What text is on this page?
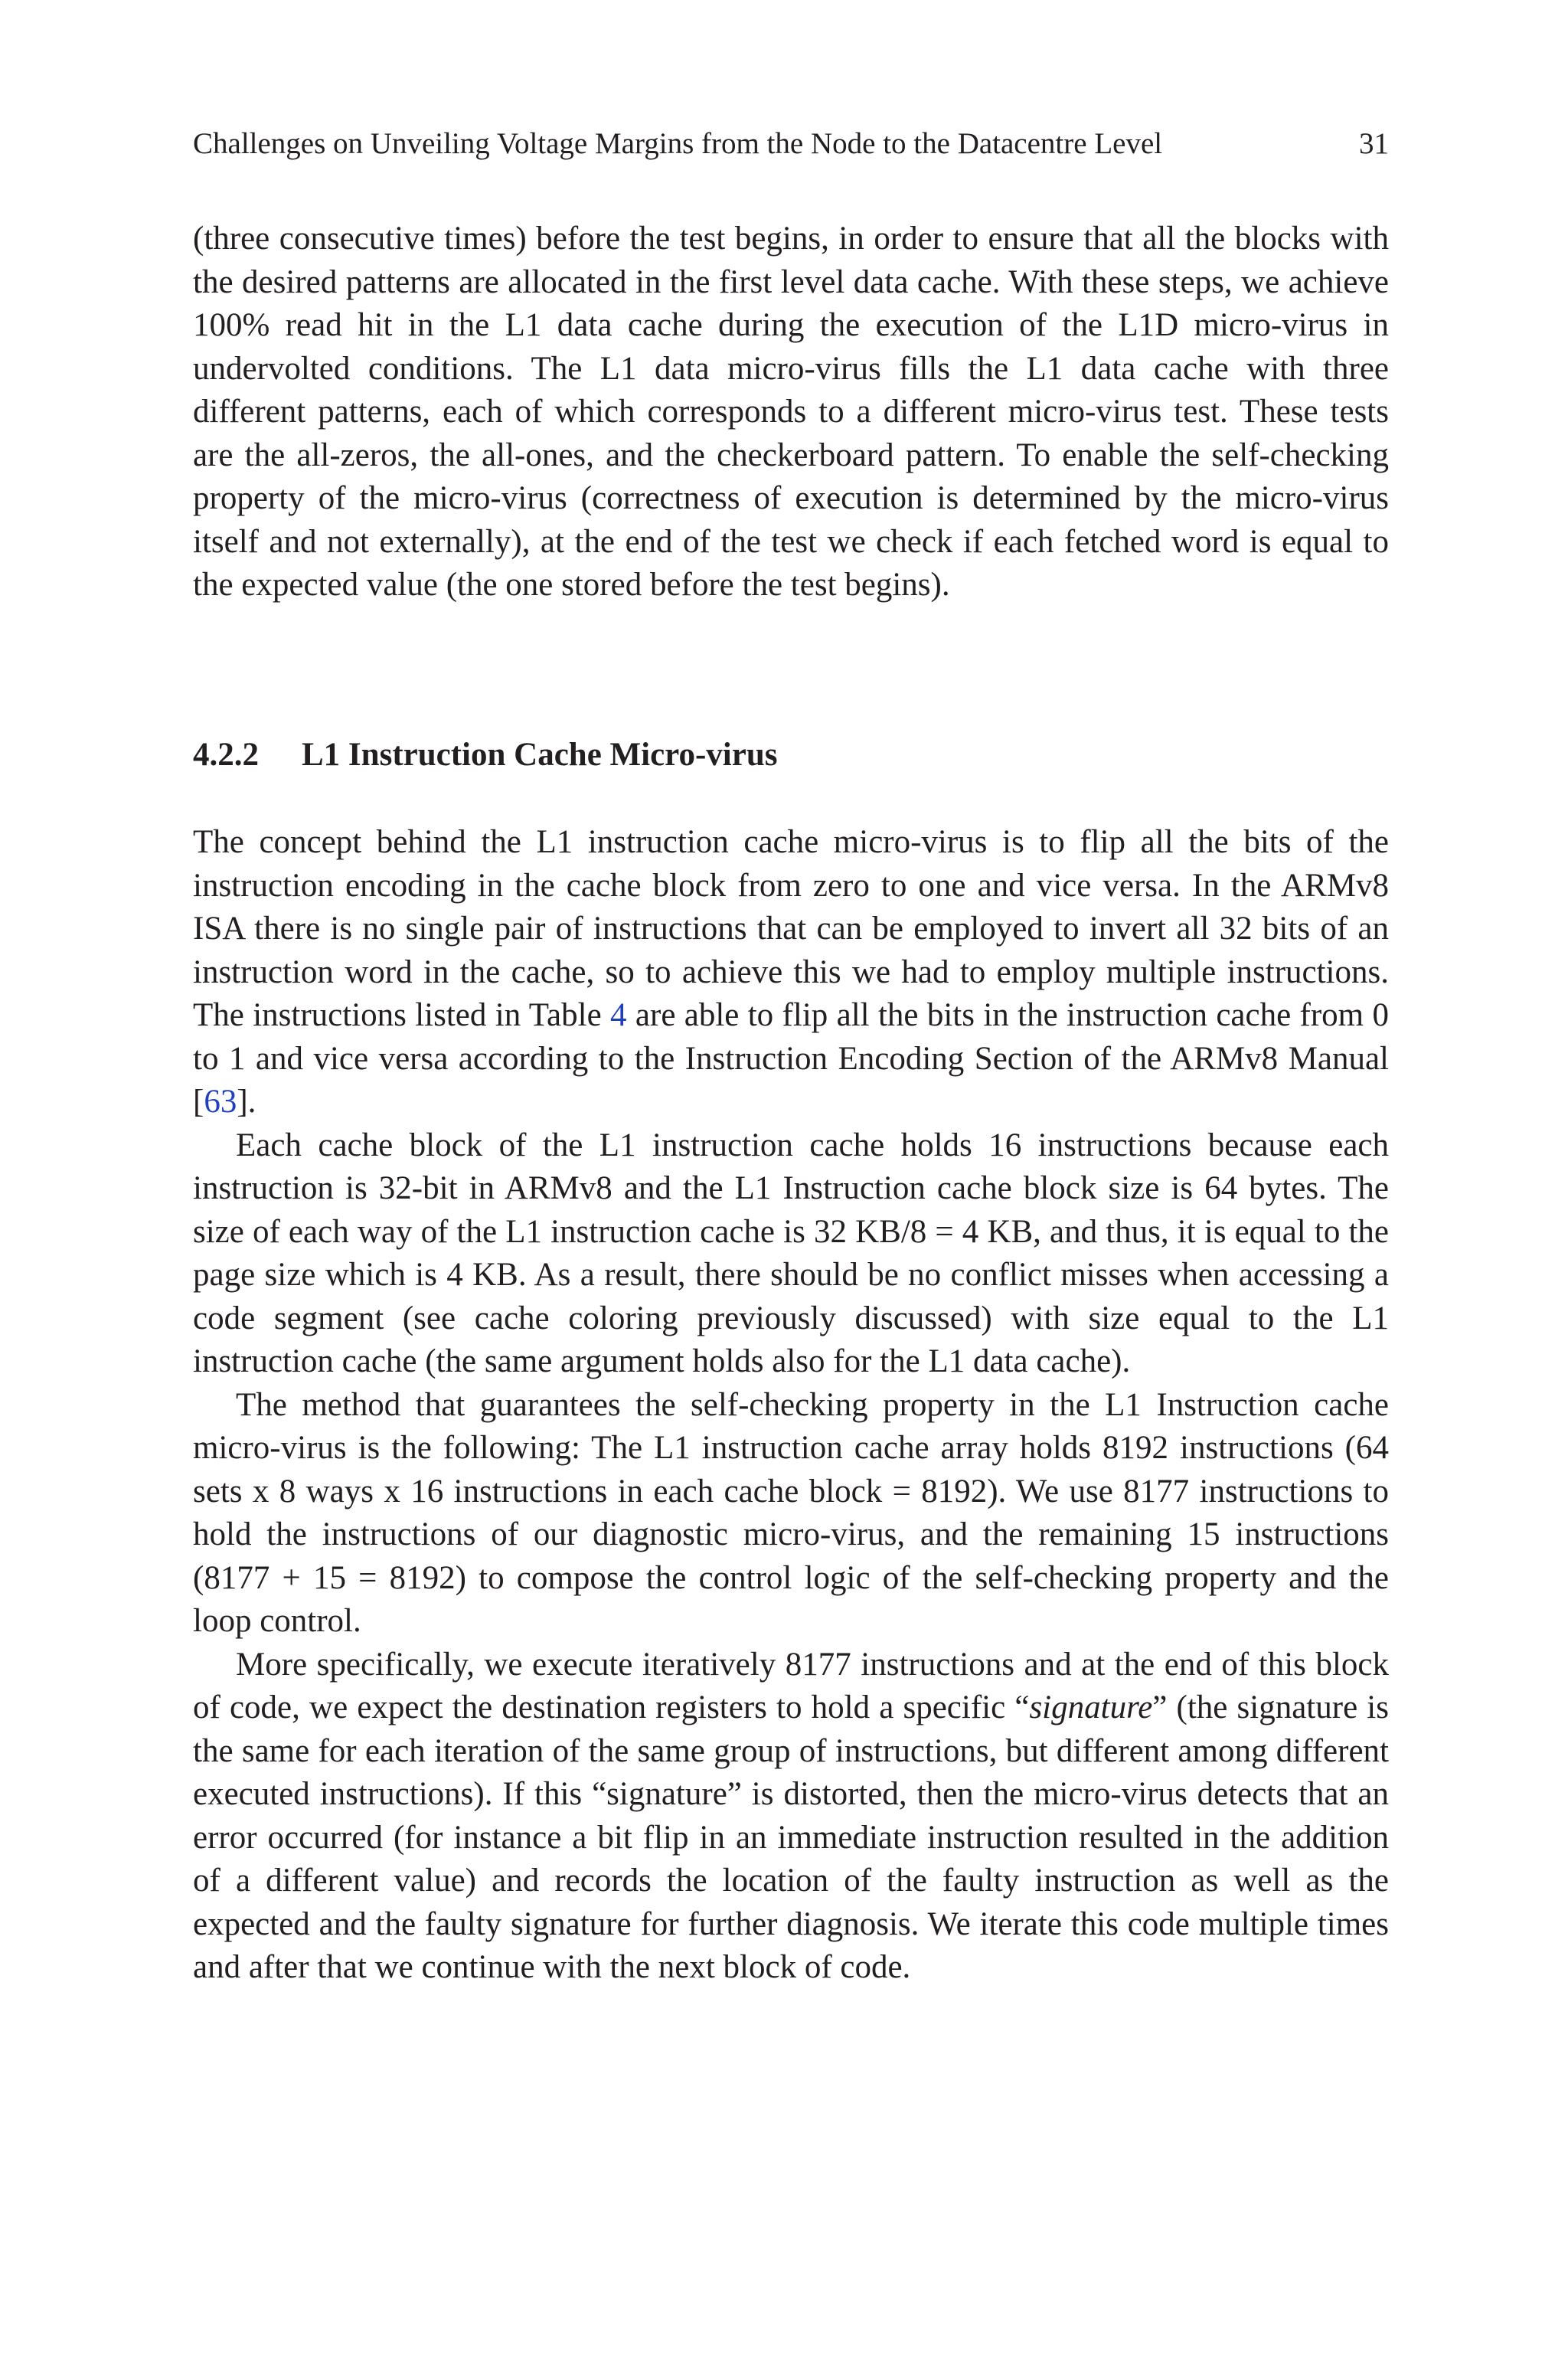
Challenges on Unveiling Voltage Margins from the Node to the Datacentre Level	31

(three consecutive times) before the test begins, in order to ensure that all the blocks with the desired patterns are allocated in the first level data cache. With these steps, we achieve 100% read hit in the L1 data cache during the execution of the L1D micro-virus in undervolted conditions. The L1 data micro-virus fills the L1 data cache with three different patterns, each of which corresponds to a different micro-virus test. These tests are the all-zeros, the all-ones, and the checkerboard pattern. To enable the self-checking property of the micro-virus (correctness of execution is determined by the micro-virus itself and not externally), at the end of the test we check if each fetched word is equal to the expected value (the one stored before the test begins).

4.2.2 L1 Instruction Cache Micro-virus

The concept behind the L1 instruction cache micro-virus is to flip all the bits of the instruction encoding in the cache block from zero to one and vice versa. In the ARMv8 ISA there is no single pair of instructions that can be employed to invert all 32 bits of an instruction word in the cache, so to achieve this we had to employ multiple instructions. The instructions listed in Table 4 are able to flip all the bits in the instruction cache from 0 to 1 and vice versa according to the Instruction Encoding Section of the ARMv8 Manual [63].

Each cache block of the L1 instruction cache holds 16 instructions because each instruction is 32-bit in ARMv8 and the L1 Instruction cache block size is 64 bytes. The size of each way of the L1 instruction cache is 32 KB/8 = 4 KB, and thus, it is equal to the page size which is 4 KB. As a result, there should be no conflict misses when accessing a code segment (see cache coloring previously discussed) with size equal to the L1 instruction cache (the same argument holds also for the L1 data cache).

The method that guarantees the self-checking property in the L1 Instruction cache micro-virus is the following: The L1 instruction cache array holds 8192 instructions (64 sets x 8 ways x 16 instructions in each cache block = 8192). We use 8177 instructions to hold the instructions of our diagnostic micro-virus, and the remaining 15 instructions (8177 + 15 = 8192) to compose the control logic of the self-checking property and the loop control.

More specifically, we execute iteratively 8177 instructions and at the end of this block of code, we expect the destination registers to hold a specific “signature” (the signature is the same for each iteration of the same group of instructions, but different among different executed instructions). If this “signature” is distorted, then the micro-virus detects that an error occurred (for instance a bit flip in an immediate instruction resulted in the addition of a different value) and records the location of the faulty instruction as well as the expected and the faulty signature for further diagnosis. We iterate this code multiple times and after that we continue with the next block of code.
